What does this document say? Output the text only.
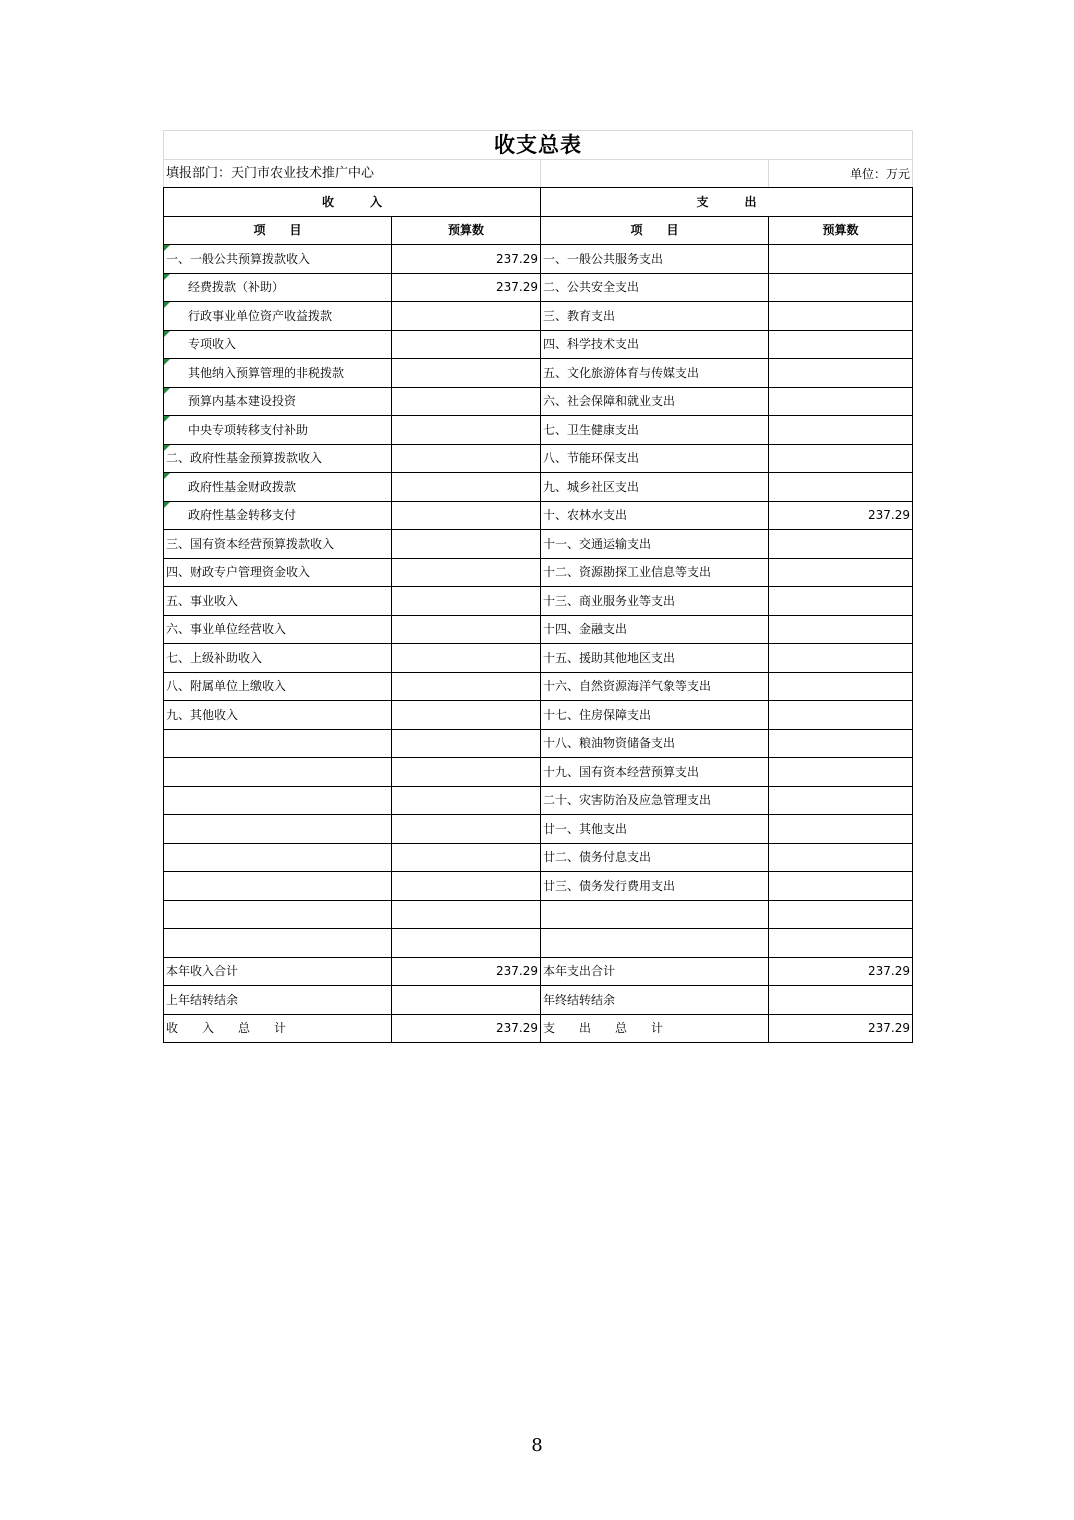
收支总表			
填报部门：天门市农业技术推广中心			单位：万元
收　　　入		支　　　出	
项　　目	预算数	项　　目	预算数

一、一般公共预算拨款收入	237.29	一、一般公共服务支出	

经费拨款（补助）	237.29	二、公共安全支出	

行政事业单位资产收益拨款		三、教育支出	

专项收入		四、科学技术支出	

其他纳入预算管理的非税拨款		五、文化旅游体育与传媒支出	

预算内基本建设投资		六、社会保障和就业支出	

中央专项转移支付补助		七、卫生健康支出	

二、政府性基金预算拨款收入		八、节能环保支出	

政府性基金财政拨款		九、城乡社区支出	

政府性基金转移支付		十、农林水支出	237.29
三、国有资本经营预算拨款收入		十一、交通运输支出	
四、财政专户管理资金收入		十二、资源勘探工业信息等支出	
五、事业收入		十三、商业服务业等支出	
六、事业单位经营收入		十四、金融支出	
七、上级补助收入		十五、援助其他地区支出	
八、附属单位上缴收入		十六、自然资源海洋气象等支出	
九、其他收入		十七、住房保障支出	
		十八、粮油物资储备支出	
		十九、国有资本经营预算支出	
		二十、灾害防治及应急管理支出	
		廿一、其他支出	
		廿二、债务付息支出	
		廿三、债务发行费用支出	

本年收入合计	237.29	本年支出合计	237.29
上年结转结余		年终结转结余	
收　　入　　总　　计	237.29	支　　出　　总　　计	237.29
8
